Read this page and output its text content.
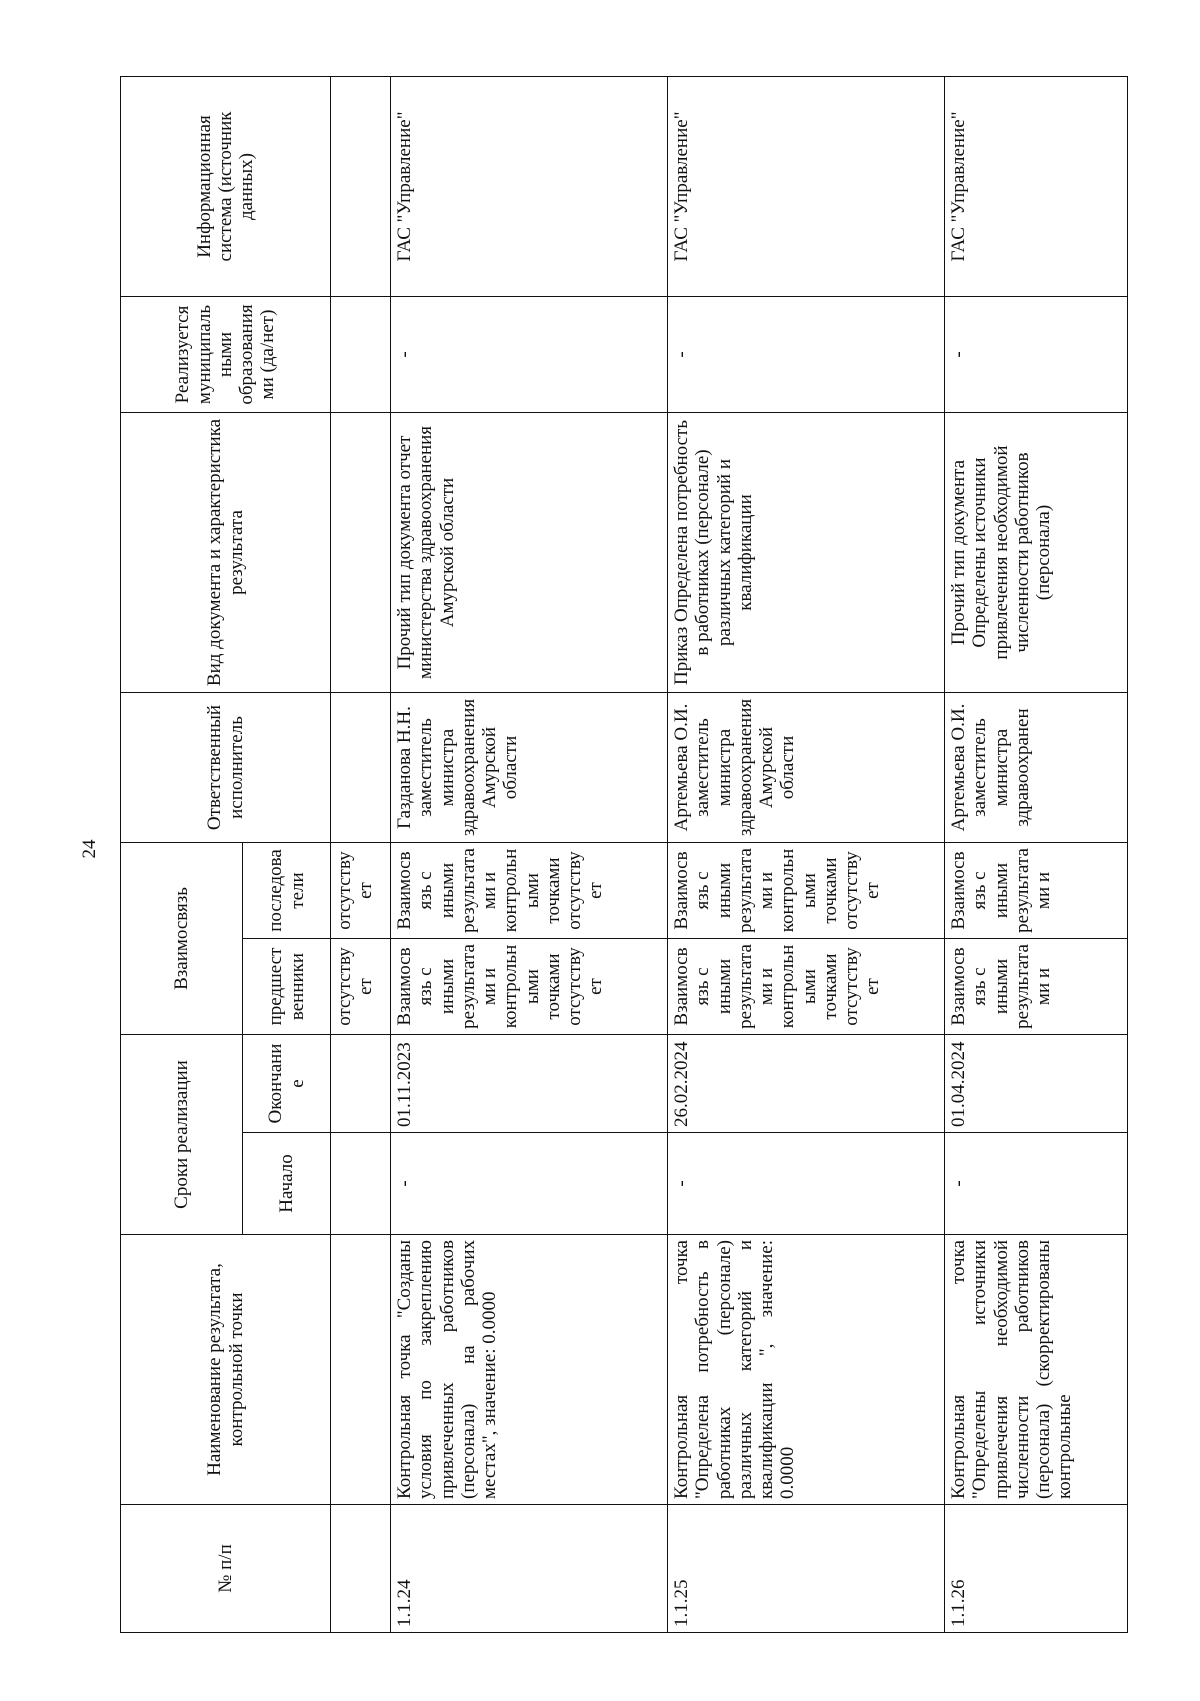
24
№ п/п	Наименование результата, контрольной точки	Сроки реализации		Взаимосвязь		Ответственный исполнитель	Вид документа и характеристика результата	Реализуется муниципальными образованиями (да/нет)	Информационная система (источник данных)
		Начало	Окончание	предшественники	последователи				
				отсутствует	отсутствует				
1.1.24	Контрольная точка "Созданы условия по закреплению привлеченных работников (персонала) на рабочих местах", значение: 0.0000	-	01.11.2023	Взаимосвязь с иными результатами и контрольными точками отсутствует	Взаимосвязь с иными результатами и контрольными точками отсутствует	Газданова Н.Н. заместитель министра здравоохранения Амурской области	Прочий тип документа отчет министерства здравоохранения Амурской области	-	ГАС "Управление"
1.1.25	Контрольная точка "Определена потребность в работниках (персонале) различных категорий и квалификации ", значение: 0.0000	-	26.02.2024	Взаимосвязь с иными результатами и контрольными точками отсутствует	Взаимосвязь с иными результатами и контрольными точками отсутствует	Артемьева О.И. заместитель министра здравоохранения Амурской области	Приказ Определена потребность в работниках (персонале) различных категорий и квалификации	-	ГАС "Управление"
1.1.26	Контрольная точка "Определены источники привлечения необходимой численности работников (персонала) (скорректированы контрольные	-	01.04.2024	Взаимосвязь с иными результатами и	Взаимосвязь с иными результатами и	Артемьева О.И. заместитель министра здравоохранен	Прочий тип документа Определены источники привлечения необходимой численности работников (персонала)	-	ГАС "Управление"
